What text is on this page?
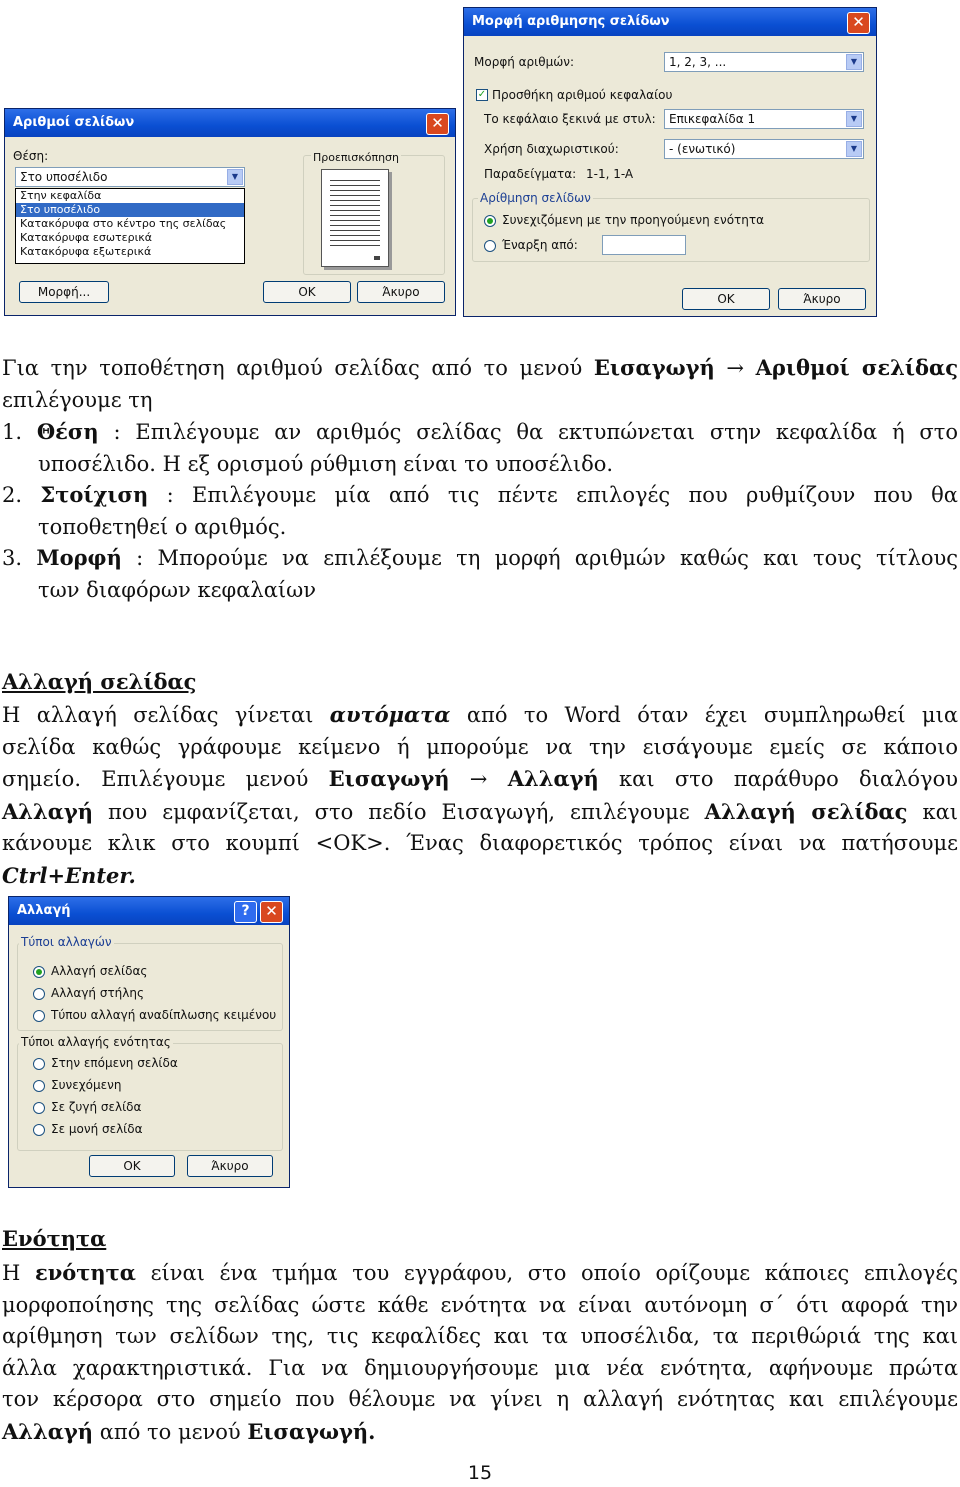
Αριθμοί σελίδων	✕
Θέση:
Στο υποσέλιδο	▼
Στην κεφαλίδα
Στο υποσέλιδο
Κατακόρυφα στο κέντρο της σελίδας
Κατακόρυφα εσωτερικά
Κατακόρυφα εξωτερικά
Προεπισκόπηση
Μορφή...	OK	Άκυρο
Μορφή αριθμησης σελίδων	✕
Μορφή αριθμών:	1, 2, 3, ...	▼
✓ Προσθήκη αριθμού κεφαλαίου
Το κεφάλαιο ξεκινά με στυλ:	Επικεφαλίδα 1	▼
Χρήση διαχωριστικού:	- (ενωτικό)	▼
Παραδείγματα: 1-1, 1-A
Αρίθμηση σελίδων
Συνεχιζόμενη με την προηγούμενη ενότητα
Έναρξη από:
OK	Άκυρο
Για την τοποθέτηση αριθμού σελίδας από το μενού Εισαγωγή → Αριθμοί σελίδας
επιλέγουμε τη
1. Θέση : Επιλέγουμε αν αριθμός σελίδας θα εκτυπώνεται στην κεφαλίδα ή στο
υποσέλιδο. Η εξ ορισμού ρύθμιση είναι το υποσέλιδο.
2. Στοίχιση : Επιλέγουμε μία από τις πέντε επιλογές που ρυθμίζουν που θα
τοποθετηθεί ο αριθμός.
3. Μορφή : Μπορούμε να επιλέξουμε τη μορφή αριθμών καθώς και τους τίτλους
των διαφόρων κεφαλαίων
Αλλαγή σελίδας
Η αλλαγή σελίδας γίνεται αυτόματα από το Word όταν έχει συμπληρωθεί μια
σελίδα καθώς γράφουμε κείμενο ή μπορούμε να την εισάγουμε εμείς σε κάποιο
σημείο. Επιλέγουμε μενού Εισαγωγή → Αλλαγή και στο παράθυρο διαλόγου
Αλλαγή που εμφανίζεται, στο πεδίο Εισαγωγή, επιλέγουμε Αλλαγή σελίδας και
κάνουμε κλικ στο κουμπί <OK>. Ένας διαφορετικός τρόπος είναι να πατήσουμε
Ctrl+Enter.
Αλλαγή	?	✕
Τύποι αλλαγών
Αλλαγή σελίδας
Αλλαγή στήλης
Τύπου αλλαγή αναδίπλωσης κειμένου
Τύποι αλλαγής ενότητας
Στην επόμενη σελίδα
Συνεχόμενη
Σε ζυγή σελίδα
Σε μονή σελίδα
OK	Άκυρο
Ενότητα
Η ενότητα είναι ένα τμήμα του εγγράφου, στο οποίο ορίζουμε κάποιες επιλογές
μορφοποίησης της σελίδας ώστε κάθε ενότητα να είναι αυτόνομη σ΄ ότι αφορά την
αρίθμηση των σελίδων της, τις κεφαλίδες και τα υποσέλιδα, τα περιθώριά της και
άλλα χαρακτηριστικά. Για να δημιουργήσουμε μια νέα ενότητα, αφήνουμε πρώτα
τον κέρσορα στο σημείο που θέλουμε να γίνει η αλλαγή ενότητας και επιλέγουμε
Αλλαγή από το μενού Εισαγωγή.
15
